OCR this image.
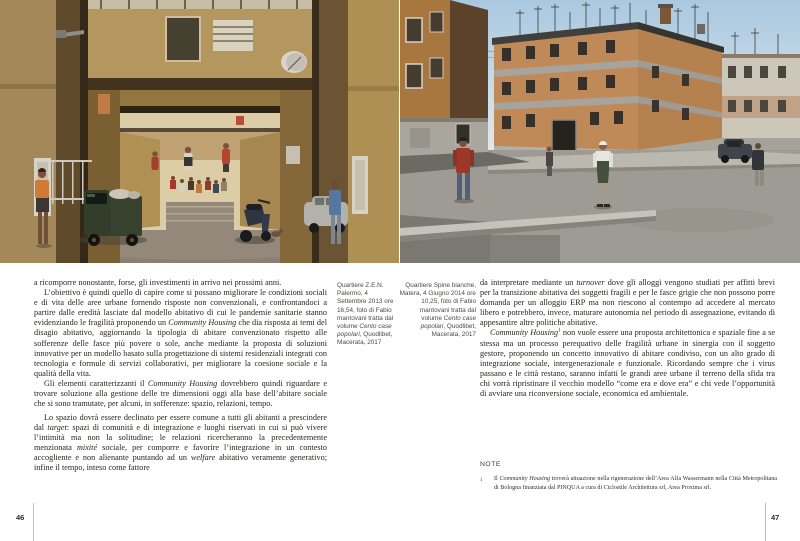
a ricomporre nonostante, forse, gli investimenti in arrivo nei prossimi anni.

L’obiettivo è quindi quello di capire come si possano migliorare le condizioni sociali e di vita delle aree urbane fornendo risposte non convenzionali, e confrontandoci a partire dalle eredità lasciate dal modello abitativo di cui le pandemie sanitarie stanno evidenziando le fragilità proponendo un Community Housing che dia risposta ai temi del disagio abitativo, aggiornando la tipologia di abitare convenzionato rispetto alle sofferenze delle fasce più povere o sole, anche mediante la proposta di soluzioni innovative per un modello basato sulla progettazione di sistemi residenziali integrati con tecnologia e formule di servizi collaborativi, per migliorare la coesione sociale e la qualità della vita.

Gli elementi caratterizzanti il Community Housing dovrebbero quindi riguardare e trovare soluzione alla gestione delle tre dimensioni oggi alla base dell’abitare sociale che si sono tramutate, per alcuni, in sofferenze: spazio, relazioni, tempo.

Lo spazio dovrà essere declinato per essere comune a tutti gli abitanti a prescindere dal target: spazi di comunità e di integrazione e luoghi riservati in cui si può vivere l’intimità ma non la solitudine; le relazioni ricercheranno la precedentemente menzionata mixité sociale, per comporre e favorire l’integrazione in un contesto accogliente e non alienante puntando ad un welfare abitativo veramente generativo; infine il tempo, inteso come fattore

Quartiere Z.E.N. Palermo, 4 Settembre 2013 ore 16,54, foto di Fabio mantovani tratta dal volume Cento case popolari, Quodlibet, Macerata, 2017
Quartiere Spine bianche, Matera, 4 Giugno 2014 ore 10,25, foto di Fabio mantovani tratta dal volume Cento case popolari, Quodlibet, Macerata, 2017

da interpretare mediante un turnover dove gli alloggi vengono studiati per affitti brevi per la transizione abitativa dei soggetti fragili e per le fasce grigie che non possono porre domanda per un alloggio ERP ma non riescono al contempo ad accedere al mercato libero e potrebbero, invece, maturare autonomia nel periodo di assegnazione, evitando di appesantire altre politiche abitative.

Community Housing$^1$ non vuole essere una proposta architettonica e spaziale fine a se stessa ma un processo perequativo delle fragilità urbane in sinergia con il soggetto gestore, proponendo un concetto innovativo di abitare condiviso, con un alto grado di integrazione sociale, intergenerazionale e funzionale. Ricordando sempre che i virus passano e le città restano, saranno infatti le grandi aree urbane il terreno della sfida tra chi vorrà ripristinare il vecchio modello “come era e dove era” e chi vede l’opportunità di avviare una riconversione sociale, economica ed ambientale.

NOTE
1	Il Community Housing troverà attuazione nella rigenerazione dell’Area Alfa Wassermann nella Città Metropolitana di Bologna finanziata dal PINQUA a cura di Ciclostile Architettura srl, Area Proxima srl.
46	47
